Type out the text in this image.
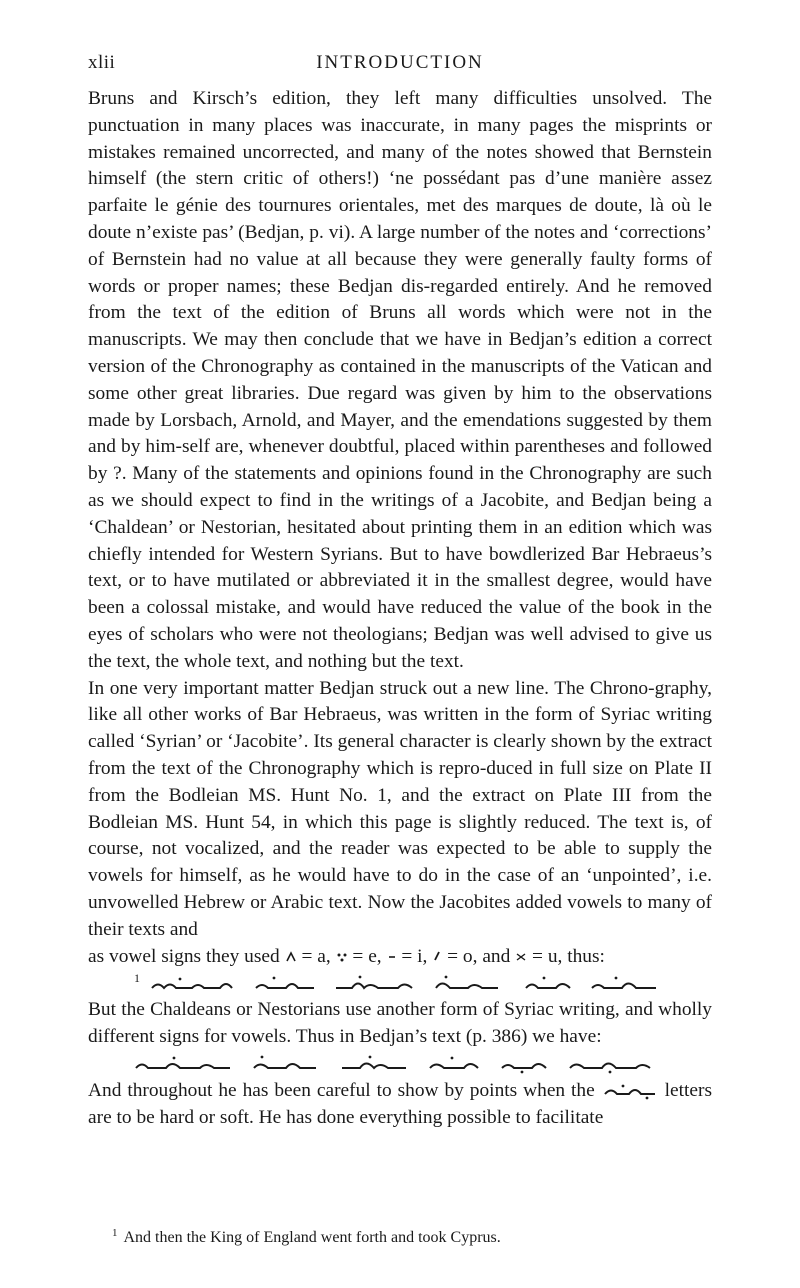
xlii	INTRODUCTION

Bruns and Kirsch’s edition, they left many difficulties unsolved. The punctuation in many places was inaccurate, in many pages the misprints or mistakes remained uncorrected, and many of the notes showed that Bernstein himself (the stern critic of others!) ‘ne possédant pas d’une manière assez parfaite le génie des tournures orientales, met des marques de doute, là où le doute n’existe pas’ (Bedjan, p. vi). A large number of the notes and ‘corrections’ of Bernstein had no value at all because they were generally faulty forms of words or proper names; these Bedjan dis-regarded entirely. And he removed from the text of the edition of Bruns all words which were not in the manuscripts. We may then conclude that we have in Bedjan’s edition a correct version of the Chronography as contained in the manuscripts of the Vatican and some other great libraries. Due regard was given by him to the observations made by Lorsbach, Arnold, and Mayer, and the emendations suggested by them and by him-self are, whenever doubtful, placed within parentheses and followed by ?. Many of the statements and opinions found in the Chronography are such as we should expect to find in the writings of a Jacobite, and Bedjan being a ‘Chaldean’ or Nestorian, hesitated about printing them in an edition which was chiefly intended for Western Syrians. But to have bowdlerized Bar Hebraeus’s text, or to have mutilated or abbreviated it in the smallest degree, would have been a colossal mistake, and would have reduced the value of the book in the eyes of scholars who were not theologians; Bedjan was well advised to give us the text, the whole text, and nothing but the text.

In one very important matter Bedjan struck out a new line. The Chrono-graphy, like all other works of Bar Hebraeus, was written in the form of Syriac writing called ‘Syrian’ or ‘Jacobite’. Its general character is clearly shown by the extract from the text of the Chronography which is repro-duced in full size on Plate II from the Bodleian MS. Hunt No. 1, and the extract on Plate III from the Bodleian MS. Hunt 54, in which this page is slightly reduced. The text is, of course, not vocalized, and the reader was expected to be able to supply the vowels for himself, as he would have to do in the case of an ‘unpointed’, i.e. unvowelled Hebrew or Arabic text. Now the Jacobites added vowels to many of their texts and

as vowel signs they used = a, = e, = i, = o, and = u, thus:

1

But the Chaldeans or Nestorians use another form of Syriac writing, and wholly different signs for vowels. Thus in Bedjan’s text (p. 386) we have:

And throughout he has been careful to show by points when the	letters are to be hard or soft. He has done everything possible to facilitate

$^1$ And then the King of England went forth and took Cyprus.
